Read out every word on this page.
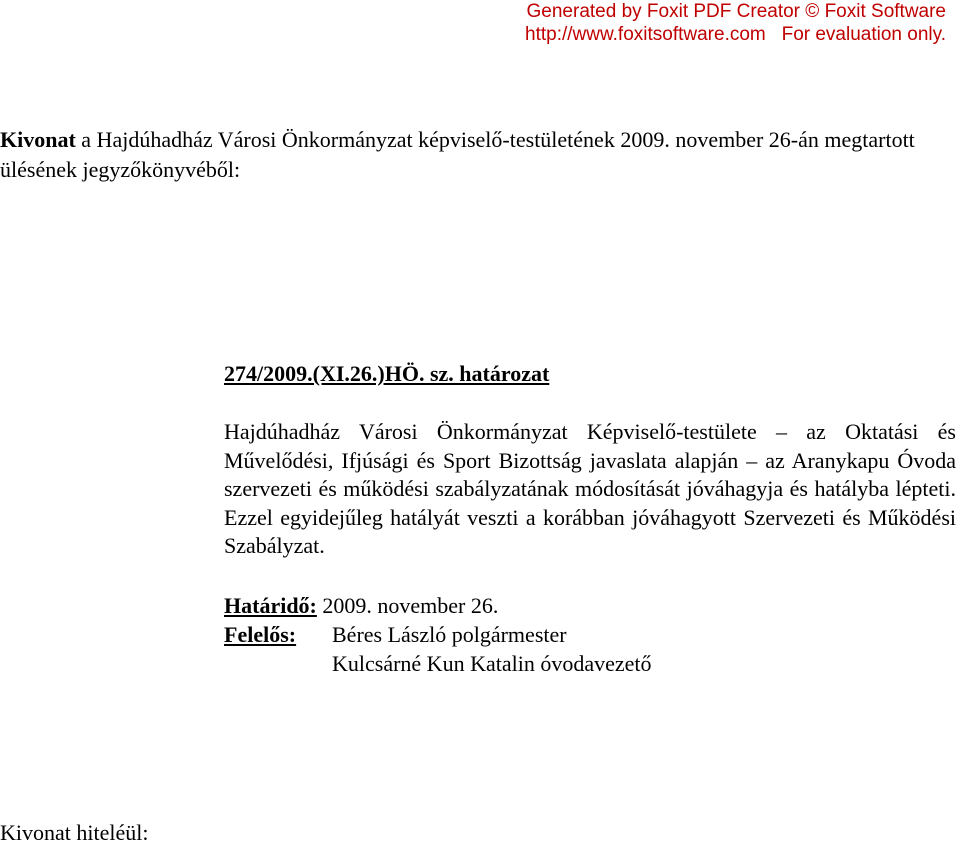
Generated by Foxit PDF Creator © Foxit Software
http://www.foxitsoftware.com   For evaluation only.
Kivonat a Hajdúhadház Városi Önkormányzat képviselő-testületének 2009. november 26-án megtartott ülésének jegyzőkönyvéből:
274/2009.(XI.26.)HÖ. sz. határozat
Hajdúhadház Városi Önkormányzat Képviselő-testülete – az Oktatási és Művelődési, Ifjúsági és Sport Bizottság javaslata alapján – az Aranykapu Óvoda szervezeti és működési szabályzatának módosítását jóváhagyja és hatályba lépteti. Ezzel egyidejűleg hatályát veszti a korábban jóváhagyott Szervezeti és Működési Szabályzat.
Határidő: 2009. november 26.
Felelős: Béres László polgármester
Kulcsárné Kun Katalin óvodavezető
Kivonat hiteléül:
